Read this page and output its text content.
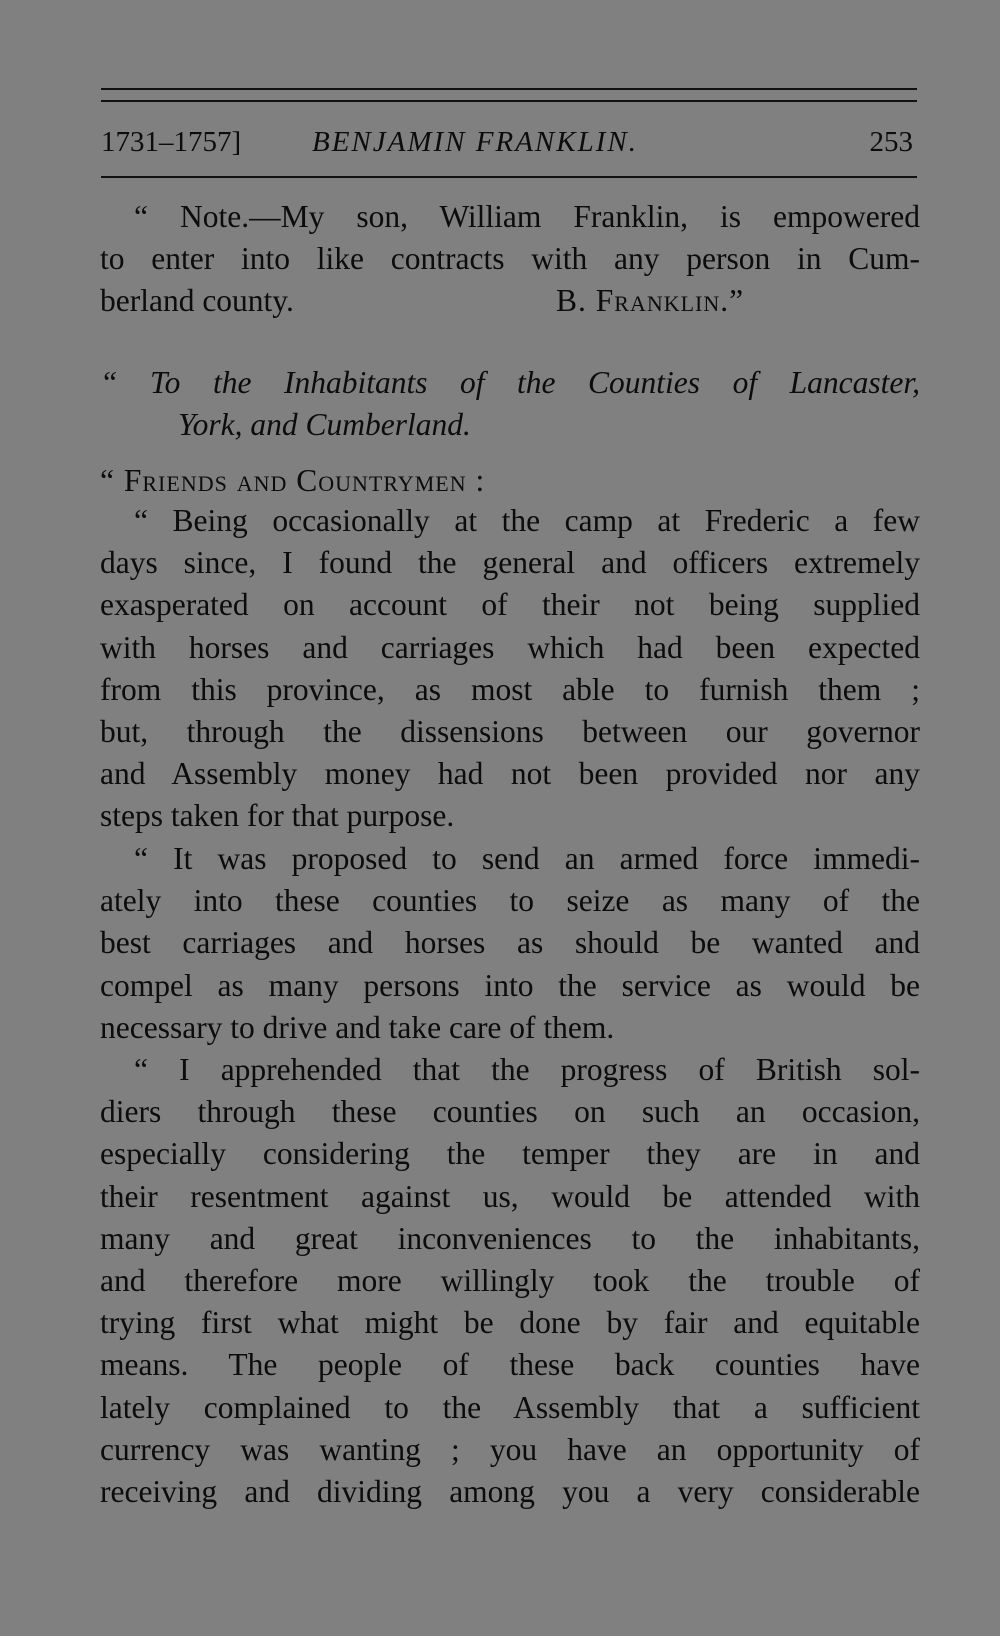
1731–1757] BENJAMIN FRANKLIN.	253
“ Note.—My son, William Franklin, is empowered
to enter into like contracts with any person in Cum-
berland county.	B. Franklin.”
“ To the Inhabitants of the Counties of Lancaster,
York, and Cumberland.
“ Friends and Countrymen :
“ Being occasionally at the camp at Frederic a few
days since, I found the general and officers extremely
exasperated on account of their not being supplied
with horses and carriages which had been expected
from this province, as most able to furnish them ;
but, through the dissensions between our governor
and Assembly money had not been provided nor any
steps taken for that purpose.
“ It was proposed to send an armed force immedi-
ately into these counties to seize as many of the
best carriages and horses as should be wanted and
compel as many persons into the service as would be
necessary to drive and take care of them.
“ I apprehended that the progress of British sol-
diers through these counties on such an occasion,
especially considering the temper they are in and
their resentment against us, would be attended with
many and great inconveniences to the inhabitants,
and therefore more willingly took the trouble of
trying first what might be done by fair and equitable
means. The people of these back counties have
lately complained to the Assembly that a sufficient
currency was wanting ; you have an opportunity of
receiving and dividing among you a very considerable
